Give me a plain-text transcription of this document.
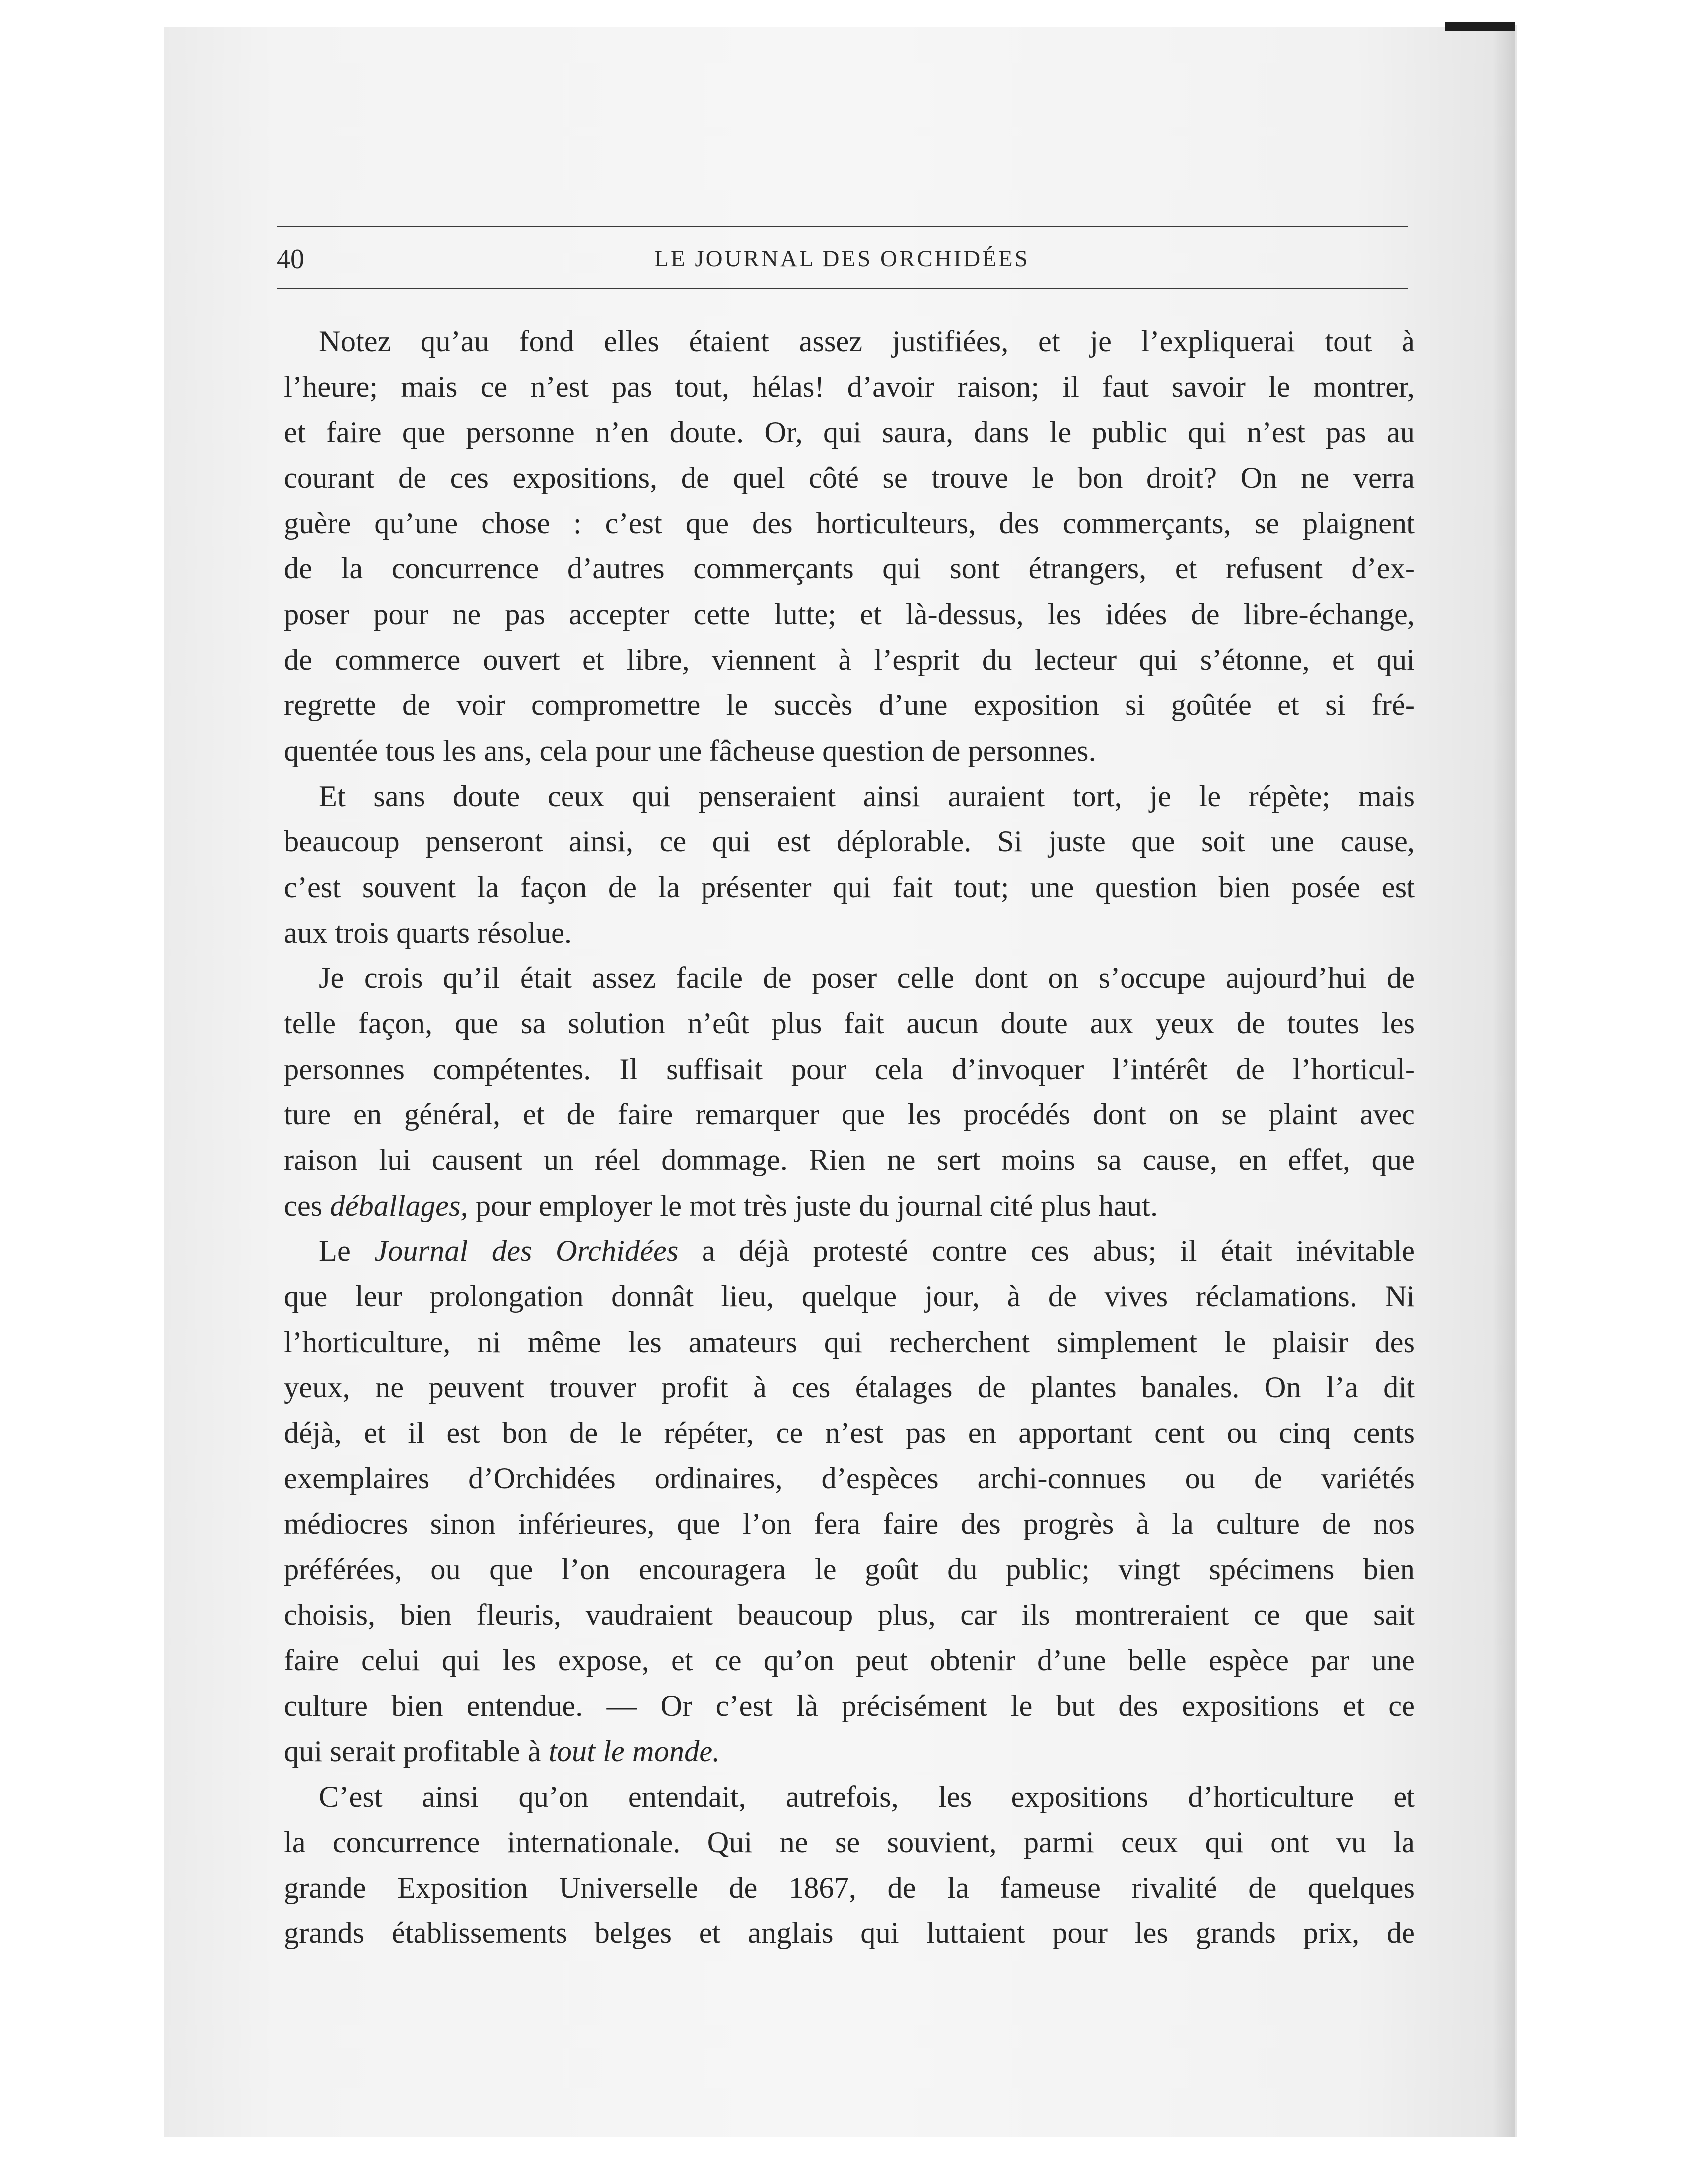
40	LE JOURNAL DES ORCHIDÉES
Notez qu’au fond elles étaient assez justifiées, et je l’expliquerai tout à
l’heure; mais ce n’est pas tout, hélas! d’avoir raison; il faut savoir le montrer,
et faire que personne n’en doute. Or, qui saura, dans le public qui n’est pas au
courant de ces expositions, de quel côté se trouve le bon droit? On ne verra
guère qu’une chose : c’est que des horticulteurs, des commerçants, se plaignent
de la concurrence d’autres commerçants qui sont étrangers, et refusent d’ex-
poser pour ne pas accepter cette lutte; et là-dessus, les idées de libre-échange,
de commerce ouvert et libre, viennent à l’esprit du lecteur qui s’étonne, et qui
regrette de voir compromettre le succès d’une exposition si goûtée et si fré-
quentée tous les ans, cela pour une fâcheuse question de personnes.
Et sans doute ceux qui penseraient ainsi auraient tort, je le répète; mais
beaucoup penseront ainsi, ce qui est déplorable. Si juste que soit une cause,
c’est souvent la façon de la présenter qui fait tout; une question bien posée est
aux trois quarts résolue.
Je crois qu’il était assez facile de poser celle dont on s’occupe aujourd’hui de
telle façon, que sa solution n’eût plus fait aucun doute aux yeux de toutes les
personnes compétentes. Il suffisait pour cela d’invoquer l’intérêt de l’horticul-
ture en général, et de faire remarquer que les procédés dont on se plaint avec
raison lui causent un réel dommage. Rien ne sert moins sa cause, en effet, que
ces déballages, pour employer le mot très juste du journal cité plus haut.
Le Journal des Orchidées a déjà protesté contre ces abus; il était inévitable
que leur prolongation donnât lieu, quelque jour, à de vives réclamations. Ni
l’horticulture, ni même les amateurs qui recherchent simplement le plaisir des
yeux, ne peuvent trouver profit à ces étalages de plantes banales. On l’a dit
déjà, et il est bon de le répéter, ce n’est pas en apportant cent ou cinq cents
exemplaires d’Orchidées ordinaires, d’espèces archi-connues ou de variétés
médiocres sinon inférieures, que l’on fera faire des progrès à la culture de nos
préférées, ou que l’on encouragera le goût du public; vingt spécimens bien
choisis, bien fleuris, vaudraient beaucoup plus, car ils montreraient ce que sait
faire celui qui les expose, et ce qu’on peut obtenir d’une belle espèce par une
culture bien entendue. — Or c’est là précisément le but des expositions et ce
qui serait profitable à tout le monde.
C’est ainsi qu’on entendait, autrefois, les expositions d’horticulture et
la concurrence internationale. Qui ne se souvient, parmi ceux qui ont vu la
grande Exposition Universelle de 1867, de la fameuse rivalité de quelques
grands établissements belges et anglais qui luttaient pour les grands prix, de
